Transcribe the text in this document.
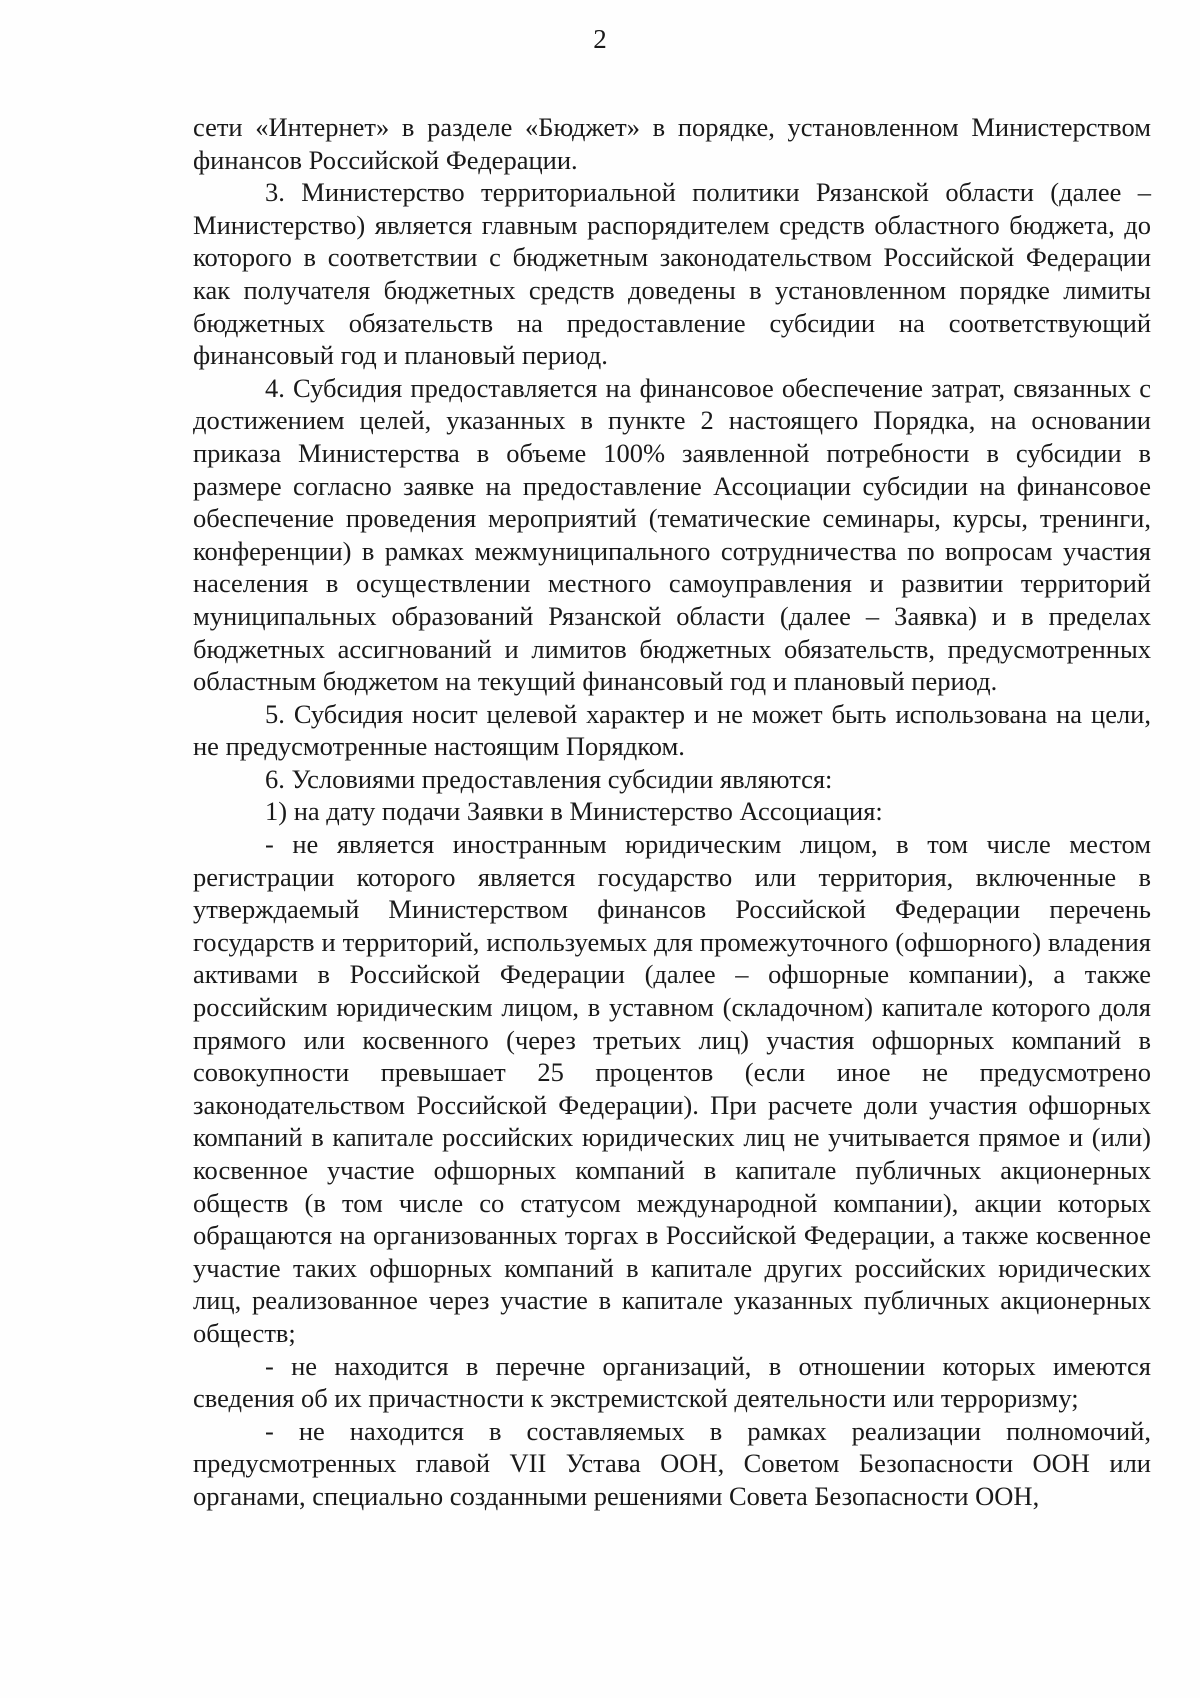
2

сети «Интернет» в разделе «Бюджет» в порядке, установленном Министерством финансов Российской Федерации.

3. Министерство территориальной политики Рязанской области (далее – Министерство) является главным распорядителем средств областного бюджета, до которого в соответствии с бюджетным законодательством Российской Федерации как получателя бюджетных средств доведены в установленном порядке лимиты бюджетных обязательств на предоставление субсидии на соответствующий финансовый год и плановый период.

4. Субсидия предоставляется на финансовое обеспечение затрат, связанных с достижением целей, указанных в пункте 2 настоящего Порядка, на основании приказа Министерства в объеме 100% заявленной потребности в субсидии в размере согласно заявке на предоставление Ассоциации субсидии на финансовое обеспечение проведения мероприятий (тематические семинары, курсы, тренинги, конференции) в рамках межмуниципального сотрудничества по вопросам участия населения в осуществлении местного самоуправления и развитии территорий муниципальных образований Рязанской области (далее – Заявка) и в пределах бюджетных ассигнований и лимитов бюджетных обязательств, предусмотренных областным бюджетом на текущий финансовый год и плановый период.

5. Субсидия носит целевой характер и не может быть использована на цели, не предусмотренные настоящим Порядком.

6. Условиями предоставления субсидии являются:

1) на дату подачи Заявки в Министерство Ассоциация:

- не является иностранным юридическим лицом, в том числе местом регистрации которого является государство или территория, включенные в утверждаемый Министерством финансов Российской Федерации перечень государств и территорий, используемых для промежуточного (офшорного) владения активами в Российской Федерации (далее – офшорные компании), а также российским юридическим лицом, в уставном (складочном) капитале которого доля прямого или косвенного (через третьих лиц) участия офшорных компаний в совокупности превышает 25 процентов (если иное не предусмотрено законодательством Российской Федерации). При расчете доли участия офшорных компаний в капитале российских юридических лиц не учитывается прямое и (или) косвенное участие офшорных компаний в капитале публичных акционерных обществ (в том числе со статусом международной компании), акции которых обращаются на организованных торгах в Российской Федерации, а также косвенное участие таких офшорных компаний в капитале других российских юридических лиц, реализованное через участие в капитале указанных публичных акционерных обществ;

- не находится в перечне организаций, в отношении которых имеются сведения об их причастности к экстремистской деятельности или терроризму;

- не находится в составляемых в рамках реализации полномочий, предусмотренных главой VII Устава ООН, Советом Безопасности ООН или органами, специально созданными решениями Совета Безопасности ООН,
